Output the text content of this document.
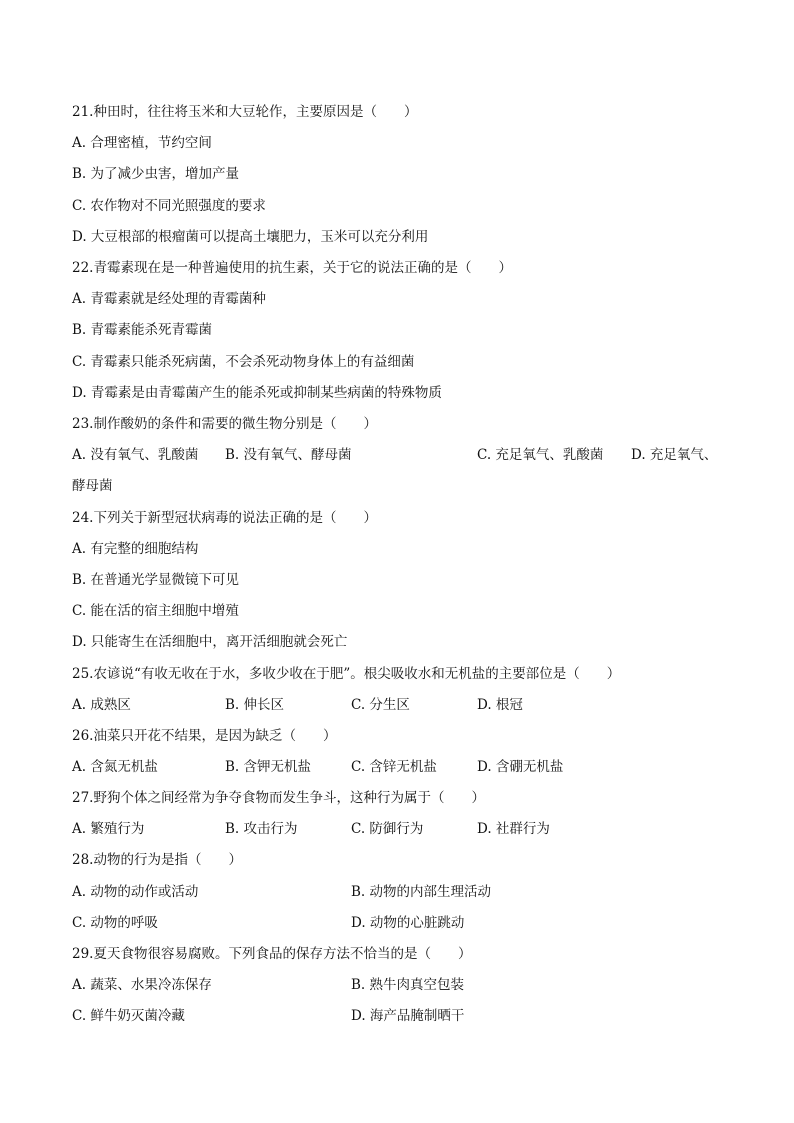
21.种田时，往往将玉米和大豆轮作，主要原因是（　　）
A. 合理密植，节约空间
B. 为了减少虫害，增加产量
C. 农作物对不同光照强度的要求
D. 大豆根部的根瘤菌可以提高土壤肥力，玉米可以充分利用
22.青霉素现在是一种普遍使用的抗生素，关于它的说法正确的是（　　）
A. 青霉素就是经处理的青霉菌种
B. 青霉素能杀死青霉菌
C. 青霉素只能杀死病菌，不会杀死动物身体上的有益细菌
D. 青霉素是由青霉菌产生的能杀死或抑制某些病菌的特殊物质
23.制作酸奶的条件和需要的微生物分别是（　　）
A. 没有氧气、乳酸菌 B. 没有氧气、酵母菌	C. 充足氧气、乳酸菌 D. 充足氧气、
酵母菌
24.下列关于新型冠状病毒的说法正确的是（　　）
A. 有完整的细胞结构
B. 在普通光学显微镜下可见
C. 能在活的宿主细胞中增殖
D. 只能寄生在活细胞中，离开活细胞就会死亡
25.农谚说“有收无收在于水，多收少收在于肥”。根尖吸收水和无机盐的主要部位是（　　）
A. 成熟区	B. 伸长区	C. 分生区	D. 根冠
26.油菜只开花不结果，是因为缺乏（　　）
A. 含氮无机盐	B. 含钾无机盐	C. 含锌无机盐	D. 含硼无机盐
27.野狗个体之间经常为争夺食物而发生争斗，这种行为属于（　　）
A. 繁殖行为	B. 攻击行为	C. 防御行为	D. 社群行为
28.动物的行为是指（　　）
A. 动物的动作或活动	B. 动物的内部生理活动
C. 动物的呼吸	D. 动物的心脏跳动
29.夏天食物很容易腐败。下列食品的保存方法不恰当的是（　　）
A. 蔬菜、水果冷冻保存	B. 熟牛肉真空包装
C. 鲜牛奶灭菌冷藏	D. 海产品腌制晒干
